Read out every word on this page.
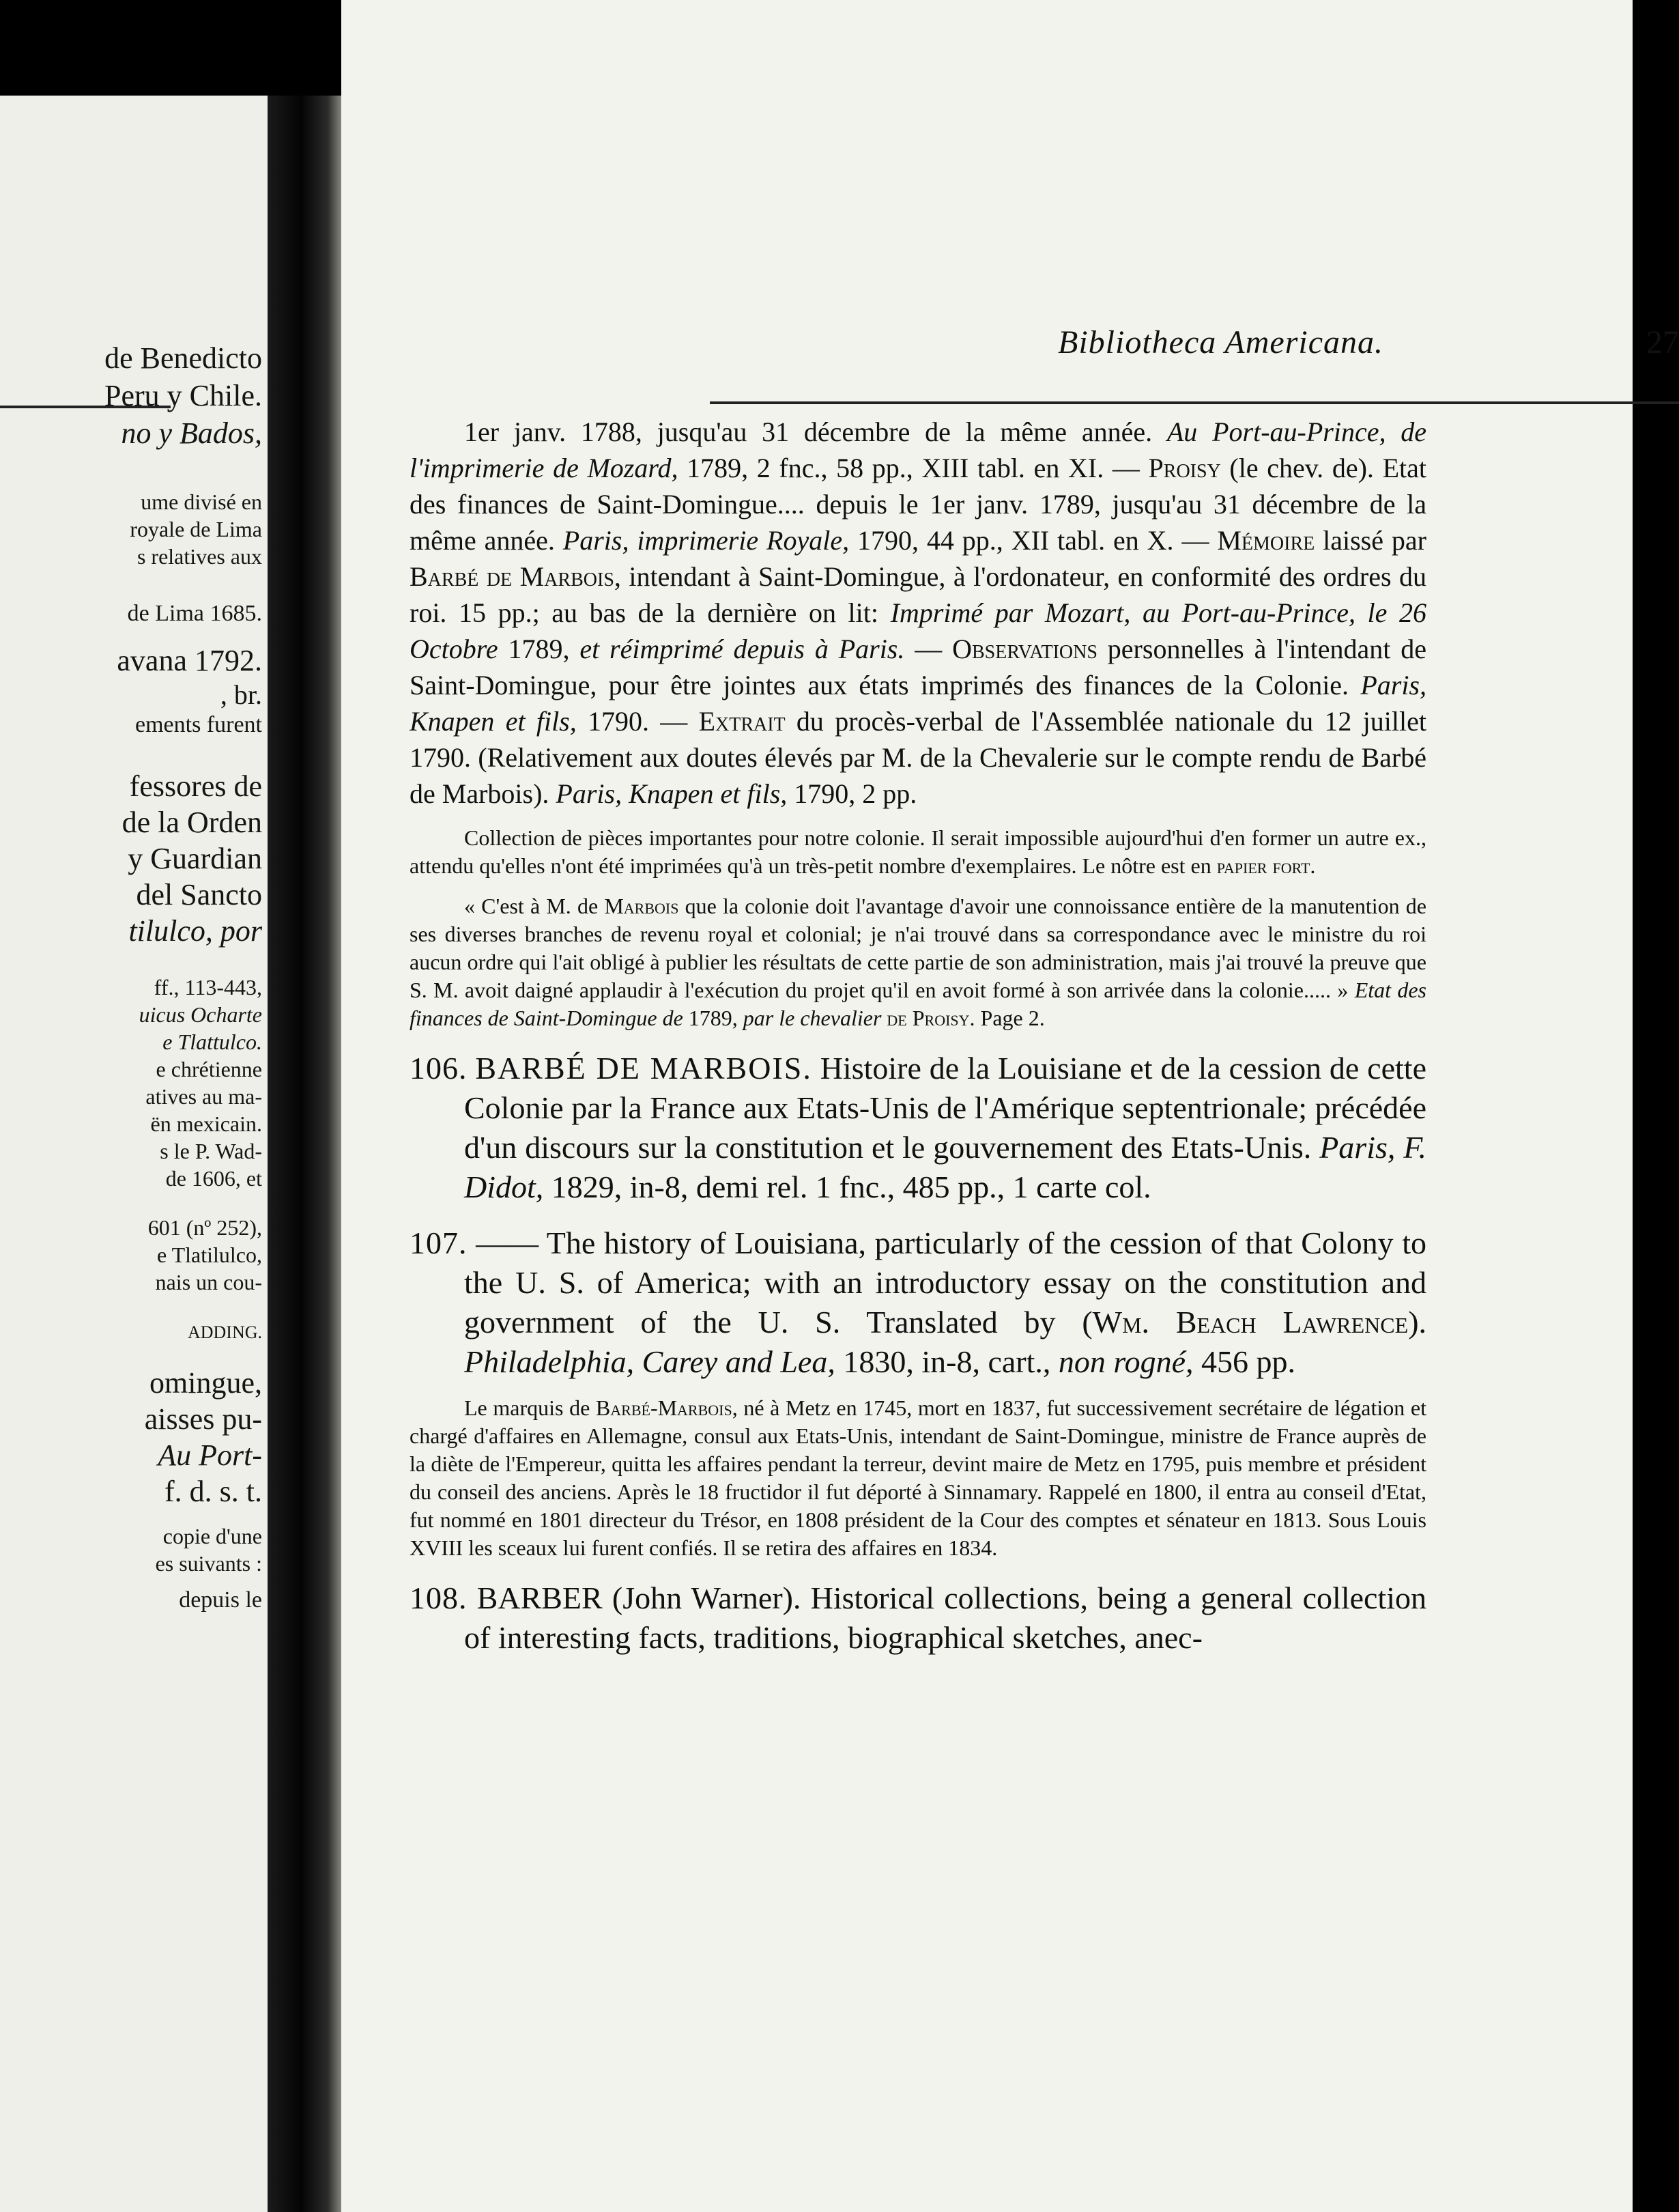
de Benedicto
Peru y Chile.
no y Bados,
ume divisé en
royale de Lima
s relatives aux
de Lima 1685.
avana 1792.
, br.
ements furent
fessores de
de la Orden
y Guardian
del Sancto
tilulco, por
ff., 113-443,
uicus Ocharte
e Tlattulco.
e chrétienne
atives au ma-
ën mexicain.
s le P. Wad-
de 1606, et
601 (nº 252),
e Tlatilulco,
nais un cou-
ADDING.
omingue,
aisses pu-
Au Port-
f. d. s. t.
copie d'une
es suivants :
depuis le
Bibliotheca Americana.	27

1er janv. 1788, jusqu'au 31 décembre de la même année. Au Port-au-Prince, de l'imprimerie de Mozard, 1789, 2 fnc., 58 pp., XIII tabl. en XI. — Proisy (le chev. de). Etat des finances de Saint-Domingue.... depuis le 1er janv. 1789, jusqu'au 31 décembre de la même année. Paris, imprimerie Royale, 1790, 44 pp., XII tabl. en X. — Mémoire laissé par Barbé de Marbois, intendant à Saint-Domingue, à l'ordonateur, en conformité des ordres du roi. 15 pp.; au bas de la dernière on lit: Imprimé par Mozart, au Port-au-Prince, le 26 Octobre 1789, et réimprimé depuis à Paris. — Observations personnelles à l'intendant de Saint-Domingue, pour être jointes aux états imprimés des finances de la Colonie. Paris, Knapen et fils, 1790. — Extrait du procès-verbal de l'Assemblée nationale du 12 juillet 1790. (Relativement aux doutes élevés par M. de la Chevalerie sur le compte rendu de Barbé de Marbois). Paris, Knapen et fils, 1790, 2 pp.

Collection de pièces importantes pour notre colonie. Il serait impossible aujourd'hui d'en former un autre ex., attendu qu'elles n'ont été imprimées qu'à un très-petit nombre d'exemplaires. Le nôtre est en papier fort.

« C'est à M. de Marbois que la colonie doit l'avantage d'avoir une connoissance entière de la manutention de ses diverses branches de revenu royal et colonial; je n'ai trouvé dans sa correspondance avec le ministre du roi aucun ordre qui l'ait obligé à publier les résultats de cette partie de son administration, mais j'ai trouvé la preuve que S. M. avoit daigné applaudir à l'exécution du projet qu'il en avoit formé à son arrivée dans la colonie..... » Etat des finances de Saint-Domingue de 1789, par le chevalier de Proisy. Page 2.

106. BARBÉ DE MARBOIS. Histoire de la Louisiane et de la cession de cette Colonie par la France aux Etats-Unis de l'Amérique septentrionale; précédée d'un discours sur la constitution et le gouvernement des Etats-Unis. Paris, F. Didot, 1829, in-8, demi rel. 1 fnc., 485 pp., 1 carte col.

107. —— The history of Louisiana, particularly of the cession of that Colony to the U. S. of America; with an introductory essay on the constitution and government of the U. S. Translated by (Wm. Beach Lawrence). Philadelphia, Carey and Lea, 1830, in-8, cart., non rogné, 456 pp.

Le marquis de Barbé-Marbois, né à Metz en 1745, mort en 1837, fut successivement secrétaire de légation et chargé d'affaires en Allemagne, consul aux Etats-Unis, intendant de Saint-Domingue, ministre de France auprès de la diète de l'Empereur, quitta les affaires pendant la terreur, devint maire de Metz en 1795, puis membre et président du conseil des anciens. Après le 18 fructidor il fut déporté à Sinnamary. Rappelé en 1800, il entra au conseil d'Etat, fut nommé en 1801 directeur du Trésor, en 1808 président de la Cour des comptes et sénateur en 1813. Sous Louis XVIII les sceaux lui furent confiés. Il se retira des affaires en 1834.

108. BARBER (John Warner). Historical collections, being a general collection of interesting facts, traditions, biographical sketches, anec-
